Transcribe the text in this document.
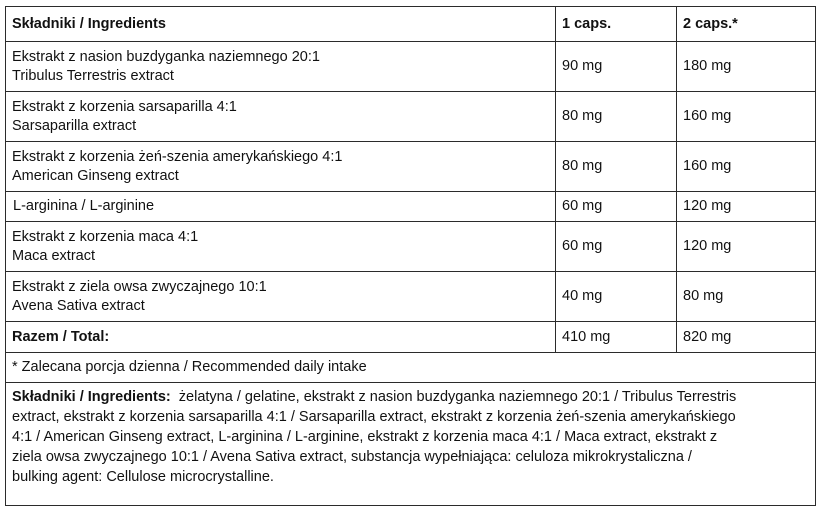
Składniki / Ingredients	1 caps.	2 caps.*

Ekstrakt z nasion buzdyganka naziemnego 20:1
Tribulus Terrestris extract	90 mg	180 mg

Ekstrakt z korzenia sarsaparilla 4:1
Sarsaparilla extract	80 mg	160 mg

Ekstrakt z korzenia żeń-szenia amerykańskiego 4:1
American Ginseng extract	80 mg	160 mg
L-arginina / L-arginine	60 mg	120 mg

Ekstrakt z korzenia maca 4:1
Maca extract	60 mg	120 mg

Ekstrakt z ziela owsa zwyczajnego 10:1
Avena Sativa extract	40 mg	80 mg
Razem / Total:	410 mg	820 mg
* Zalecana porcja dzienna / Recommended daily intake		

Składniki / Ingredients:  żelatyna / gelatine, ekstrakt z nasion buzdyganka naziemnego 20:1 / Tribulus Terrestris
extract, ekstrakt z korzenia sarsaparilla 4:1 / Sarsaparilla extract, ekstrakt z korzenia żeń-szenia amerykańskiego
4:1 / American Ginseng extract, L-arginina / L-arginine, ekstrakt z korzenia maca 4:1 / Maca extract, ekstrakt z
ziela owsa zwyczajnego 10:1 / Avena Sativa extract, substancja wypełniająca: celuloza mikrokrystaliczna /
bulking agent: Cellulose microcrystalline.		
